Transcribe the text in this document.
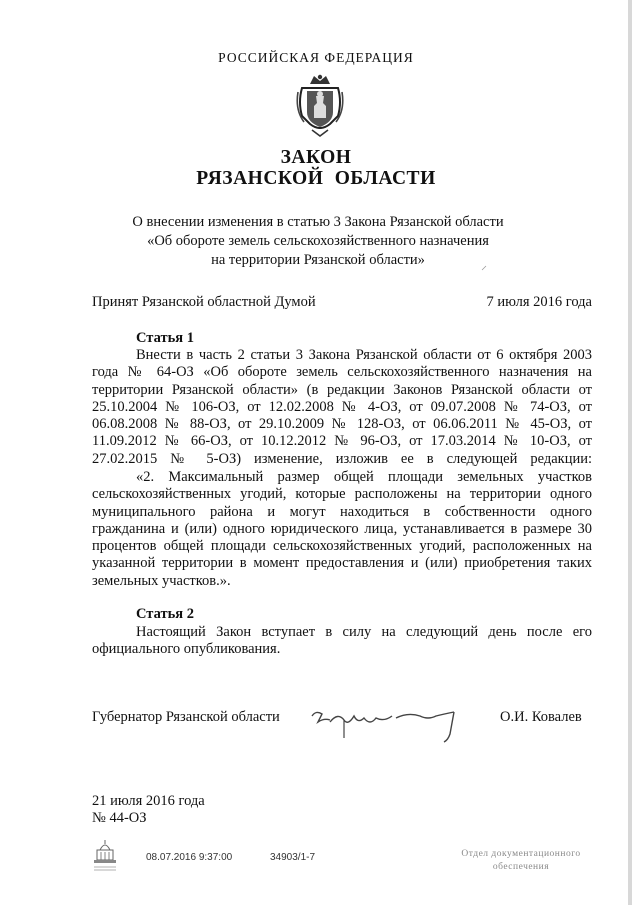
РОССИЙСКАЯ ФЕДЕРАЦИЯ
ЗАКОН
РЯЗАНСКОЙ ОБЛАСТИ
О внесении изменения в статью 3 Закона Рязанской области
«Об обороте земель сельскохозяйственного назначения
на территории Рязанской области»
Принят Рязанской областной Думой	7 июля 2016 года
Статья 1
Внести в часть 2 статьи 3 Закона Рязанской области от 6 октября 2003
года № 64-ОЗ «Об обороте земель сельскохозяйственного назначения на
территории Рязанской области» (в редакции Законов Рязанской области от
25.10.2004 № 106-ОЗ, от 12.02.2008 № 4-ОЗ, от 09.07.2008 № 74-ОЗ, от
06.08.2008 № 88-ОЗ, от 29.10.2009 № 128-ОЗ, от 06.06.2011 № 45-ОЗ, от
11.09.2012 № 66-ОЗ, от 10.12.2012 № 96-ОЗ, от 17.03.2014 № 10-ОЗ, от
27.02.2015 № 5-ОЗ) изменение, изложив ее в следующей редакции:
«2. Максимальный размер общей площади земельных участков
сельскохозяйственных угодий, которые расположены на территории одного
муниципального района и могут находиться в собственности одного
гражданина и (или) одного юридического лица, устанавливается в размере 30
процентов общей площади сельскохозяйственных угодий, расположенных на
указанной территории в момент предоставления и (или) приобретения таких
земельных участков.».
Статья 2
Настоящий Закон вступает в силу на следующий день после его
официального опубликования.
Губернатор Рязанской области	О.И. Ковалев
21 июля 2016 года
№ 44-ОЗ
08.07.2016 9:37:00	34903/1-7	Отдел документационного
обеспечения
